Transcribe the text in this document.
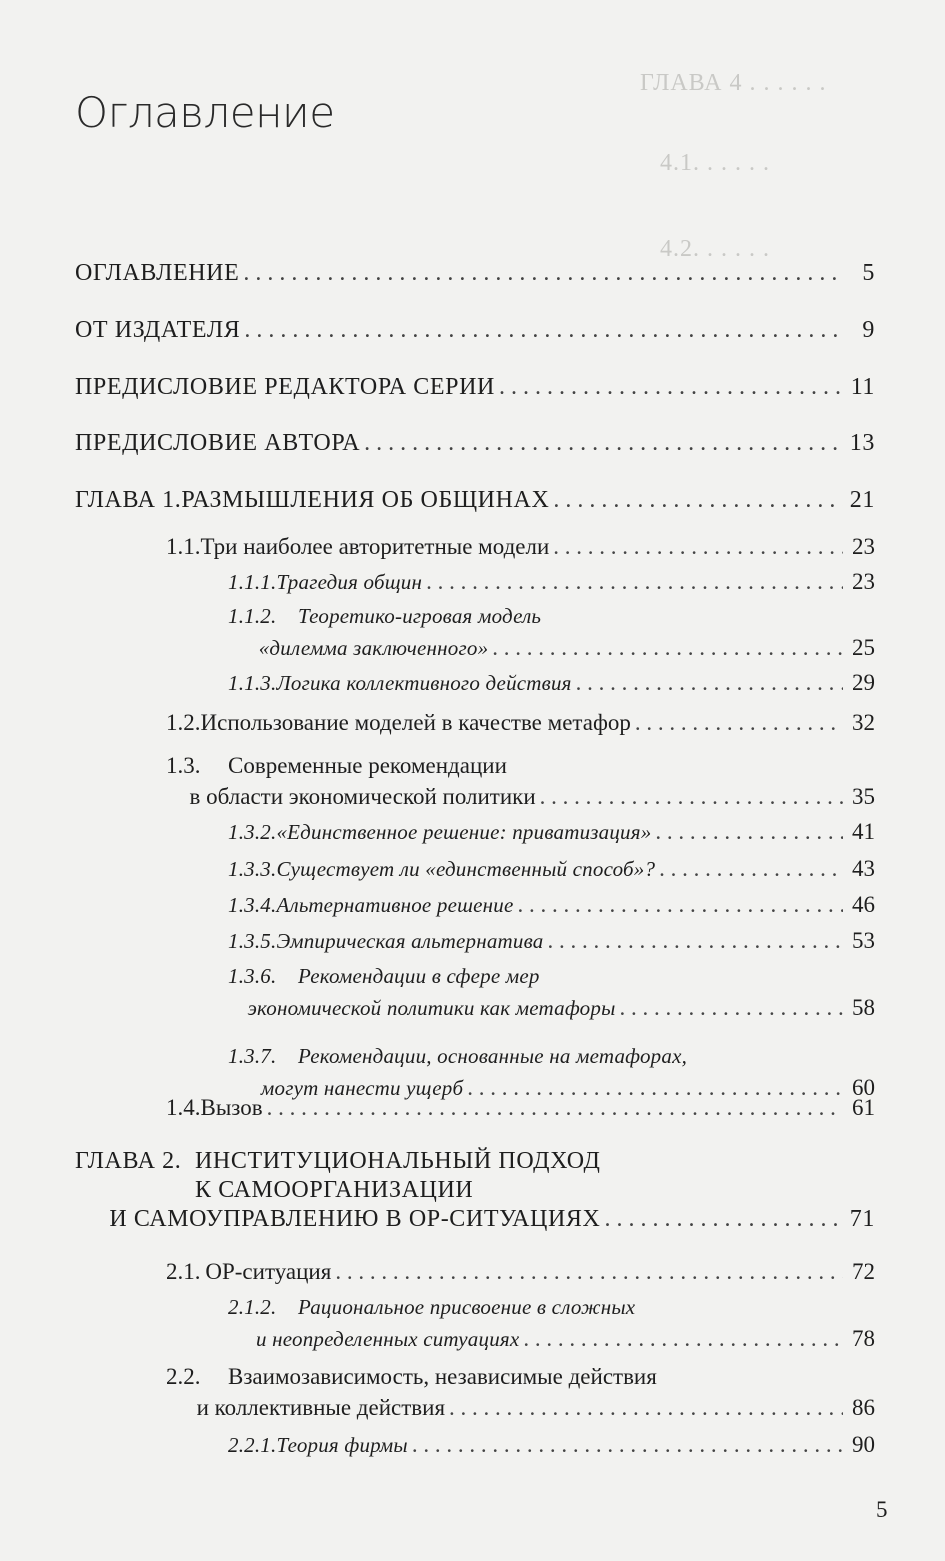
ГЛАВА 4 . . . . . .
4.1. . . . . .
4.2. . . . . .
Оглавление
ОГЛАВЛЕНИЕ . . .	5
ОТ ИЗДАТЕЛЯ . . .	9
ПРЕДИСЛОВИЕ РЕДАКТОРА СЕРИИ . . .	11
ПРЕДИСЛОВИЕ АВТОРА . . .	13
ГЛАВА 1. РАЗМЫШЛЕНИЯ ОБ ОБЩИНАХ . . .	21
1.1. Три наиболее авторитетные модели . . .	23
1.1.1. Трагедия общин . . .	23
1.1.2.	Теоретико-игровая модель
«дилемма заключенного» . . .	25
1.1.3. Логика коллективного действия . . .	29
1.2. Использование моделей в качестве метафор . . .	32
1.3.	Современные рекомендации
в области экономической политики . . .	35
1.3.2. «Единственное решение: приватизация» . . .	41
1.3.3. Существует ли «единственный способ»? . . .	43
1.3.4. Альтернативное решение . . .	46
1.3.5. Эмпирическая альтернатива . . .	53
1.3.6.	Рекомендации в сфере мер
экономической политики как метафоры . . .	58
1.3.7.	Рекомендации, основанные на метафорах,
могут нанести ущерб . . .	60
1.4. Вызов . . .	61
ГЛАВА 2. ИНСТИТУЦИОНАЛЬНЫЙ ПОДХОД
К САМООРГАНИЗАЦИИ
И САМОУПРАВЛЕНИЮ В ОР-СИТУАЦИЯХ . . .	71
2.1. ОР-ситуация . . .	72
2.1.2.	Рациональное присвоение в сложных
и неопределенных ситуациях . . .	78
2.2.	Взаимозависимость, независимые действия
и коллективные действия . . .	86
2.2.1. Теория фирмы . . .	90
5
